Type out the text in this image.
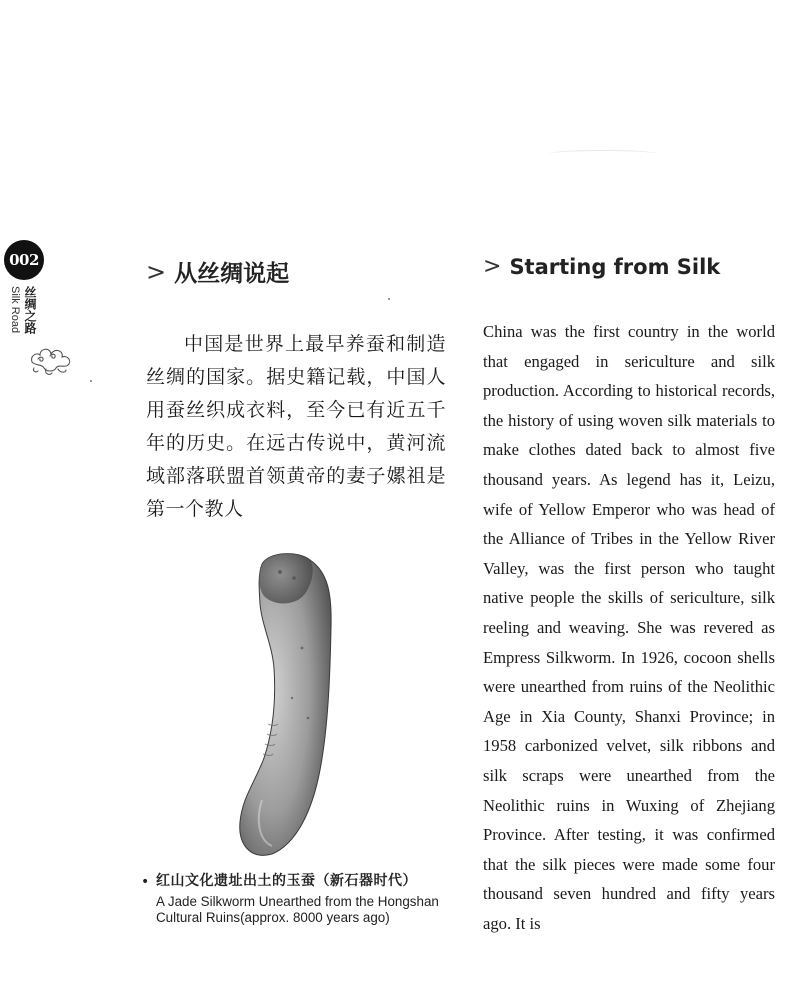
002
丝绸之路
Silk Road
> 从丝绸说起	> Starting from Silk

中国是世界上最早养蚕和制造丝绸的国家。据史籍记载，中国人用蚕丝织成衣料，至今已有近五千年的历史。在远古传说中，黄河流域部落联盟首领黄帝的妻子嫘祖是第一个教人

China was the first country in the world that engaged in sericulture and silk production. According to historical records, the history of using woven silk materials to make clothes dated back to almost five thousand years. As legend has it, Leizu, wife of Yellow Emperor who was head of the Alliance of Tribes in the Yellow River Valley, was the first person who taught native people the skills of sericulture, silk reeling and weaving. She was revered as Empress Silkworm. In 1926, cocoon shells were unearthed from ruins of the Neolithic Age in Xia County, Shanxi Province; in 1958 carbonized velvet, silk ribbons and silk scraps were unearthed from the Neolithic ruins in Wuxing of Zhejiang Province. After testing, it was confirmed that the silk pieces were made some four thousand seven hundred and fifty years ago. It is

• 红山文化遗址出土的玉蚕（新石器时代）
A Jade Silkworm Unearthed from the Hongshan Cultural Ruins(approx. 8000 years ago)
